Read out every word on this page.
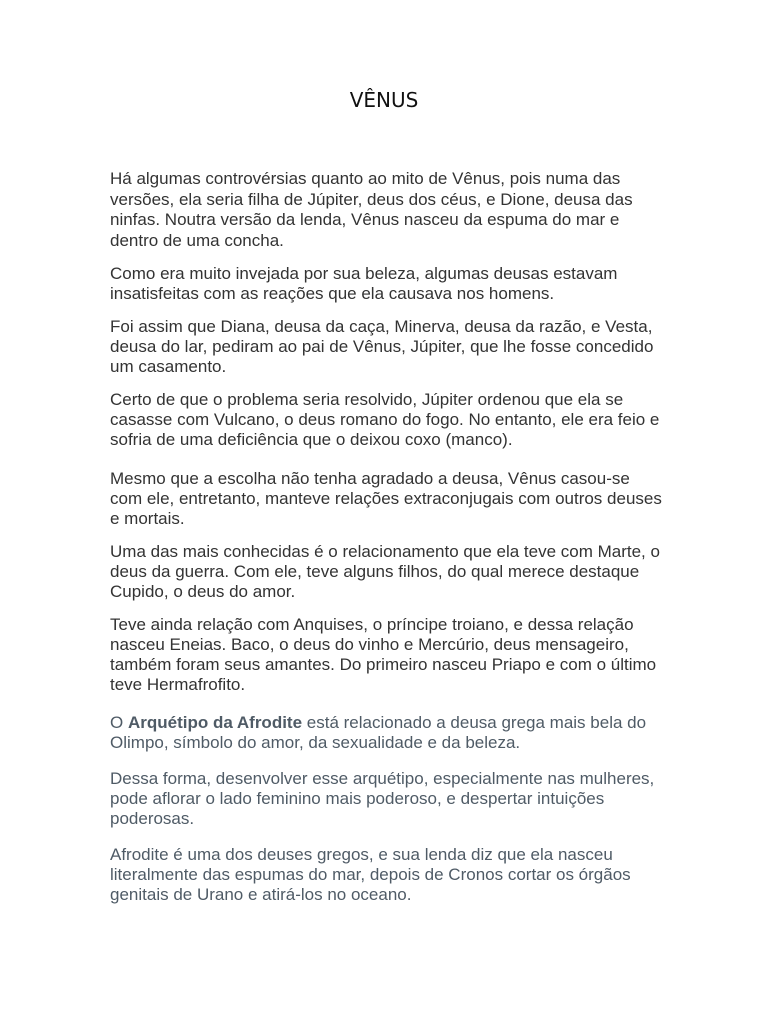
VÊNUS

Há algumas controvérsias quanto ao mito de Vênus, pois numa das versões, ela seria filha de Júpiter, deus dos céus, e Dione, deusa das ninfas. Noutra versão da lenda, Vênus nasceu da espuma do mar e dentro de uma concha.

Como era muito invejada por sua beleza, algumas deusas estavam insatisfeitas com as reações que ela causava nos homens.

Foi assim que Diana, deusa da caça, Minerva, deusa da razão, e Vesta, deusa do lar, pediram ao pai de Vênus, Júpiter, que lhe fosse concedido um casamento.

Certo de que o problema seria resolvido, Júpiter ordenou que ela se casasse com Vulcano, o deus romano do fogo. No entanto, ele era feio e sofria de uma deficiência que o deixou coxo (manco).

Mesmo que a escolha não tenha agradado a deusa, Vênus casou-se com ele, entretanto, manteve relações extraconjugais com outros deuses e mortais.

Uma das mais conhecidas é o relacionamento que ela teve com Marte, o deus da guerra. Com ele, teve alguns filhos, do qual merece destaque Cupido, o deus do amor.

Teve ainda relação com Anquises, o príncipe troiano, e dessa relação nasceu Eneias. Baco, o deus do vinho e Mercúrio, deus mensageiro, também foram seus amantes. Do primeiro nasceu Priapo e com o último teve Hermafrofito.

O Arquétipo da Afrodite está relacionado a deusa grega mais bela do Olimpo, símbolo do amor, da sexualidade e da beleza.

Dessa forma, desenvolver esse arquétipo, especialmente nas mulheres, pode aflorar o lado feminino mais poderoso, e despertar intuições poderosas.

Afrodite é uma dos deuses gregos, e sua lenda diz que ela nasceu literalmente das espumas do mar, depois de Cronos cortar os órgãos genitais de Urano e atirá-los no oceano.
